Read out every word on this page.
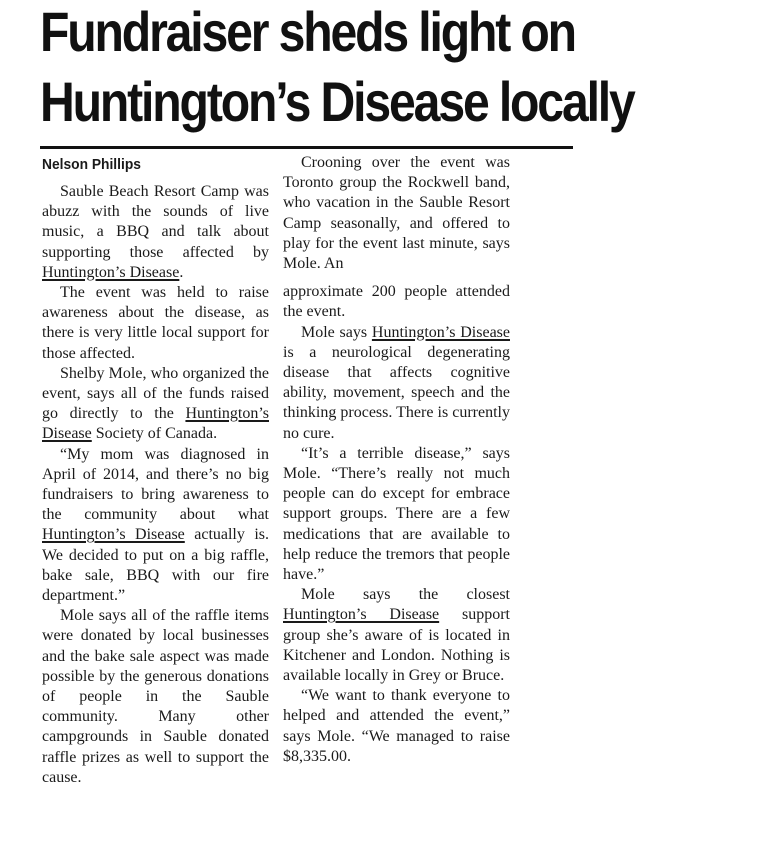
Fundraiser sheds light on
Huntington’s Disease locally
Nelson Phillips

Sauble Beach Resort Camp was abuzz with the sounds of live music, a BBQ and talk about supporting those affected by Huntington’s Disease.

The event was held to raise awareness about the disease, as there is very little local support for those affected.

Shelby Mole, who organized the event, says all of the funds raised go directly to the Huntington’s Disease Society of Canada.

“My mom was diagnosed in April of 2014, and there’s no big fundraisers to bring awareness to the community about what Huntington’s Disease actually is. We decided to put on a big raffle, bake sale, BBQ with our fire department.”

Mole says all of the raffle items were donated by local businesses and the bake sale aspect was made possible by the generous donations of people in the Sauble community. Many other campgrounds in Sauble donated raffle prizes as well to support the cause.

Crooning over the event was Toronto group the Rockwell band, who vacation in the Sauble Resort Camp seasonally, and offered to play for the event last minute, says Mole. An

approximate 200 people attended the event.

Mole says Huntington’s Disease is a neurological degenerating disease that affects cognitive ability, movement, speech and the thinking process. There is currently no cure.

“It’s a terrible disease,” says Mole. “There’s really not much people can do except for embrace support groups. There are a few medications that are available to help reduce the tremors that people have.”

Mole says the closest Huntington’s Disease support group she’s aware of is located in Kitchener and London. Nothing is available locally in Grey or Bruce.

“We want to thank everyone to helped and attended the event,” says Mole. “We managed to raise $8,335.00.
